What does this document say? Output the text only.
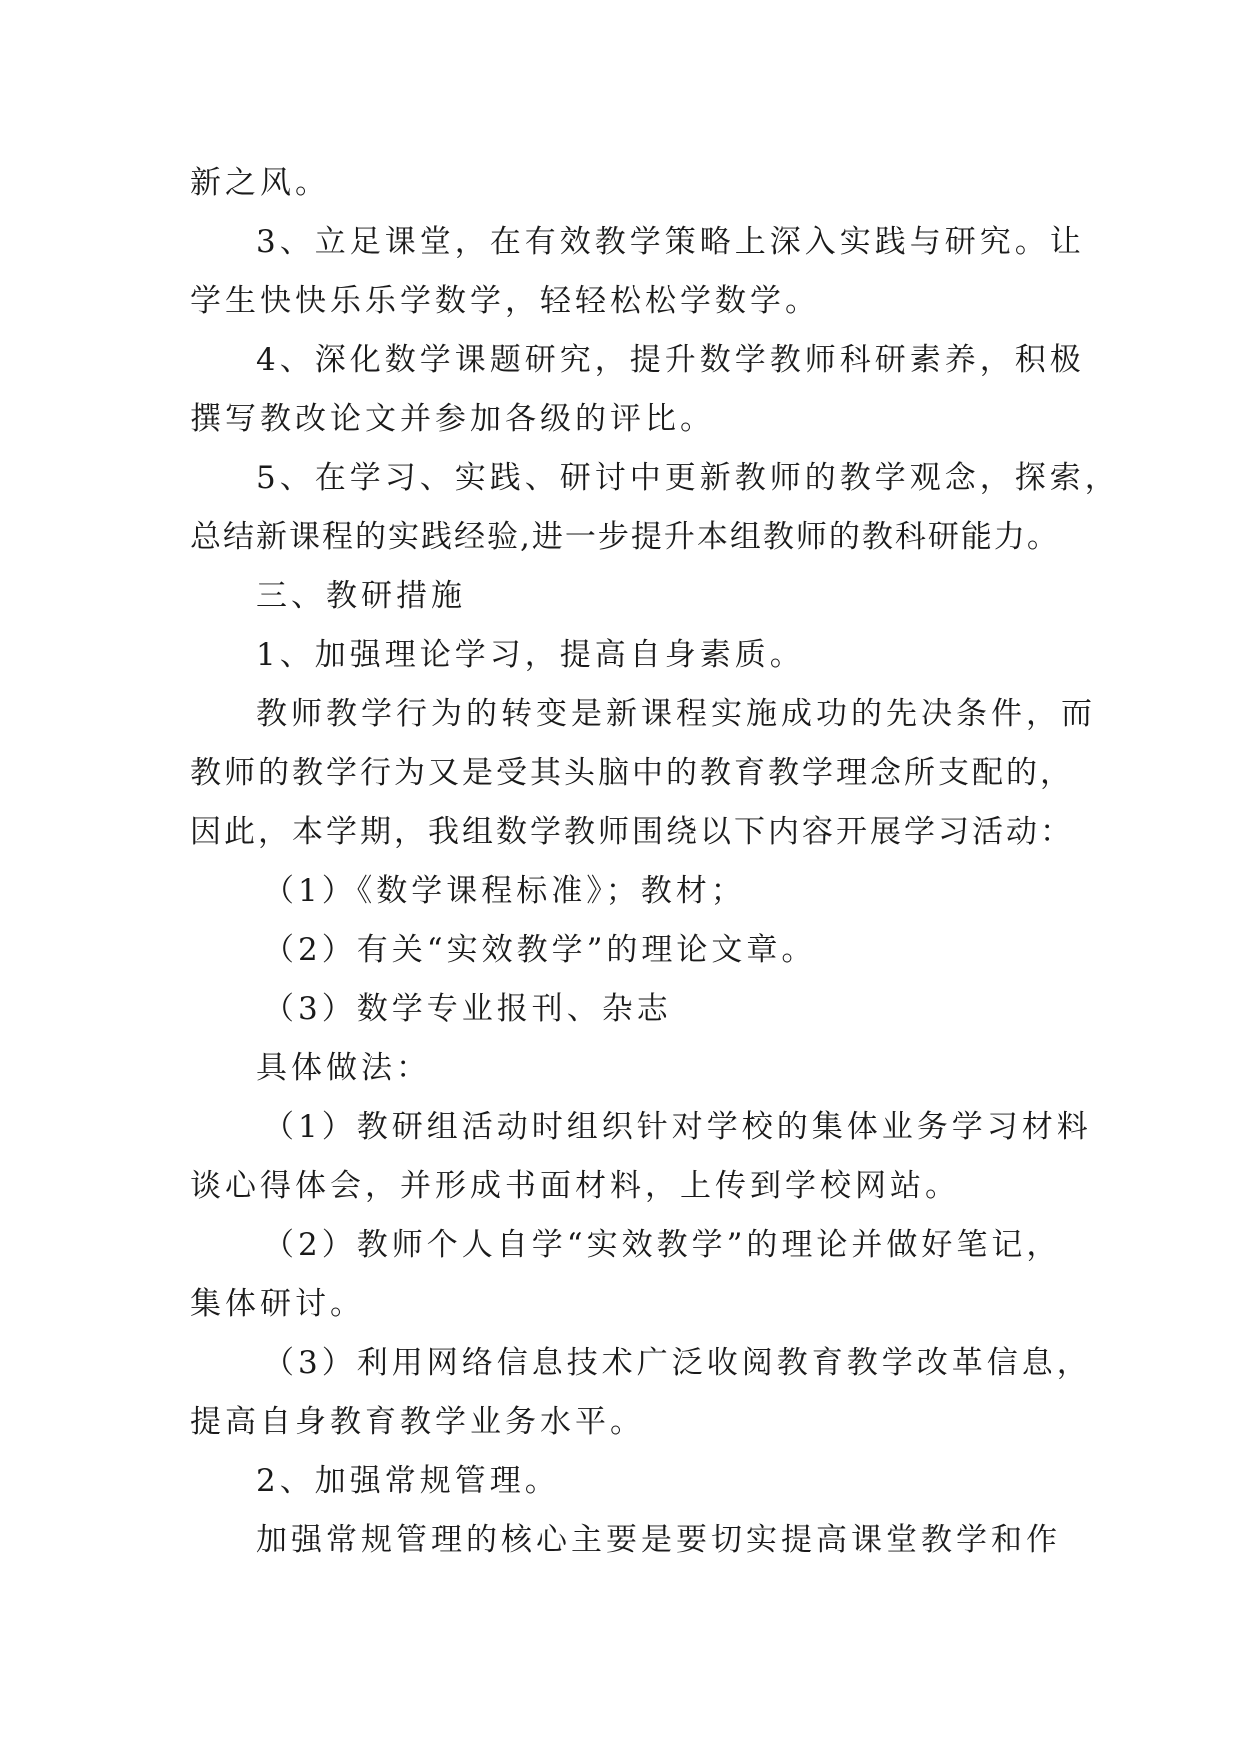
新之风。
3、立足课堂，在有效教学策略上深入实践与研究。让
学生快快乐乐学数学，轻轻松松学数学。
4、深化数学课题研究，提升数学教师科研素养，积极
撰写教改论文并参加各级的评比。
5、在学习、实践、研讨中更新教师的教学观念，探索，
总结新课程的实践经验,进一步提升本组教师的教科研能力。
三、教研措施
1、加强理论学习，提高自身素质。
教师教学行为的转变是新课程实施成功的先决条件，而
教师的教学行为又是受其头脑中的教育教学理念所支配的，
因此，本学期，我组数学教师围绕以下内容开展学习活动：
（1）《数学课程标准》；教材；
（2）有关“实效教学”的理论文章。
（3）数学专业报刊、杂志
具体做法：
（1）教研组活动时组织针对学校的集体业务学习材料
谈心得体会，并形成书面材料，上传到学校网站。
（2）教师个人自学“实效教学”的理论并做好笔记，
集体研讨。
（3）利用网络信息技术广泛收阅教育教学改革信息，
提高自身教育教学业务水平。
2、加强常规管理。
加强常规管理的核心主要是要切实提高课堂教学和作
